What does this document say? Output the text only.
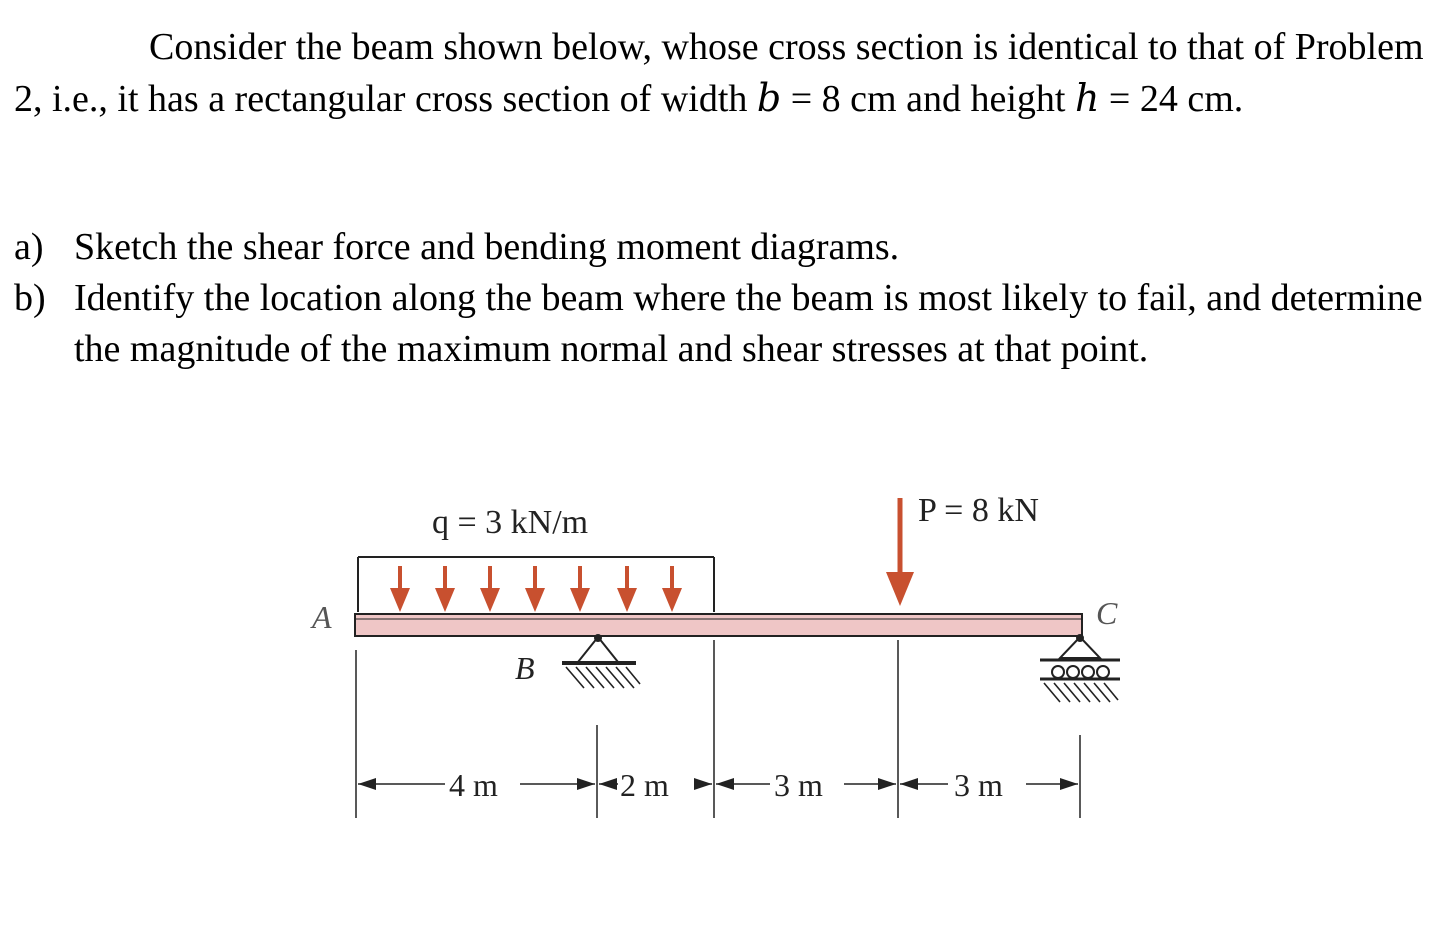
Consider the beam shown below, whose cross section is identical to that of Problem 2, i.e., it has a rectangular cross section of width b = 8 cm and height h = 24 cm.

a) Sketch the shear force and bending moment diagrams.
b) Identify the location along the beam where the beam is most likely to fail, and determine the magnitude of the maximum normal and shear stresses at that point.
q = 3 kN/m	P = 8 kN
A
B
C
4 m	2 m	3 m	3 m
